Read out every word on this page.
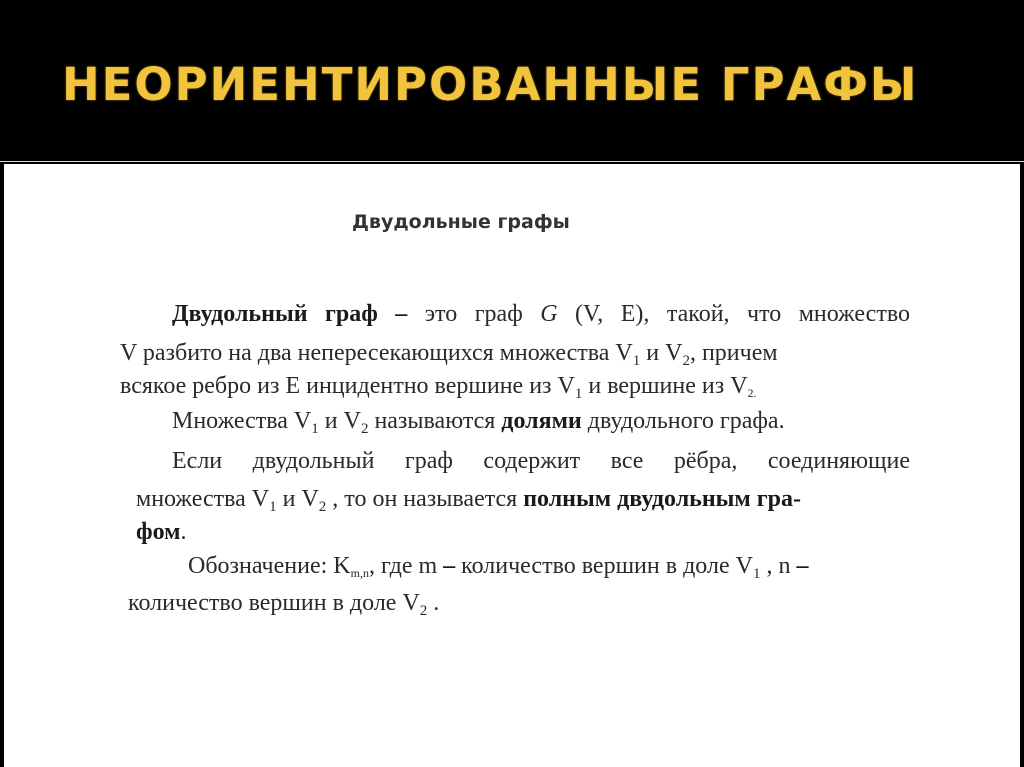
НЕОРИЕНТИРОВАННЫЕ ГРАФЫ
Двудольные графы

Двудольный граф – это граф G (V, E), такой, что множество

V разбито на два непересекающихся множества $V_1$ и $V_2$, причем

всякое ребро из E инцидентно вершине из $V_1$ и вершине из $V_{2.}$

Множества $V_1$ и $V_2$ называются долями двудольного графа.

Если двудольный граф содержит все рёбра, соединяющие

множества $V_1$ и $V_2$ , то он называется полным двудольным гра-

фом.

Обозначение: $K_{m,n}$, где m – количество вершин в доле $V_1$ , n –

количество вершин в доле $V_2$ .
